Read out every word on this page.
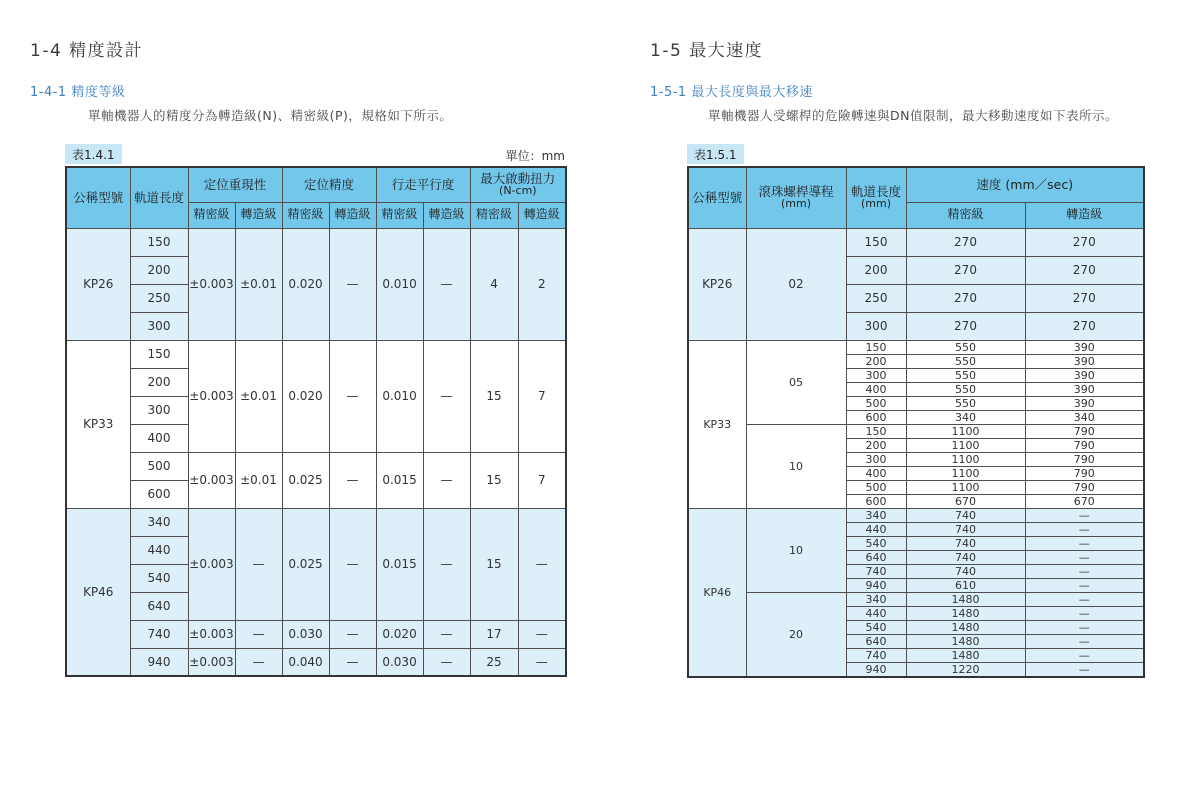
1-4 精度設計
1-4-1 精度等級

單軸機器人的精度分為轉造級(N)、精密級(P)，規格如下所示。

表1.4.1	單位：mm
公稱型號	軌道長度	定位重現性		定位精度		行走平行度		最大啟動扭力
(N-cm)	

		精密級	轉造級	精密級	轉造級	精密級	轉造級	精密級	轉造級
KP26	150	±0.003	±0.01	0.020	—	0.010	—	4	2
	200								
	250								
	300								
KP33	150	±0.003	±0.01	0.020	—	0.010	—	15	7
	200								
	300								
	400								
	500	±0.003	±0.01	0.025	—	0.015	—	15	7
	600								
KP46	340	±0.003	—	0.025	—	0.015	—	15	—
	440								
	540								
	640								
	740	±0.003	—	0.030	—	0.020	—	17	—
	940	±0.003	—	0.040	—	0.030	—	25	—
1-5 最大速度
1-5-1 最大長度與最大移速

單軸機器人受螺桿的危險轉速與DN值限制，最大移動速度如下表所示。

表1.5.1
公稱型號	滾珠螺桿導程
(mm)

軌道長度
(mm)
	速度 (mm／sec)
			精密級	轉造級
KP26	02	150	270	270
		200	270	270
		250	270	270
		300	270	270
KP33	05	150	550	390
		200	550	390
		300	550	390
		400	550	390
		500	550	390
		600	340	340
	10	150	1100	790
		200	1100	790
		300	1100	790
		400	1100	790
		500	1100	790
		600	670	670
KP46	10	340	740	—
		440	740	—
		540	740	—
		640	740	—
		740	740	—
		940	610	—
	20	340	1480	—
		440	1480	—
		540	1480	—
		640	1480	—
		740	1480	—
		940	1220	—
